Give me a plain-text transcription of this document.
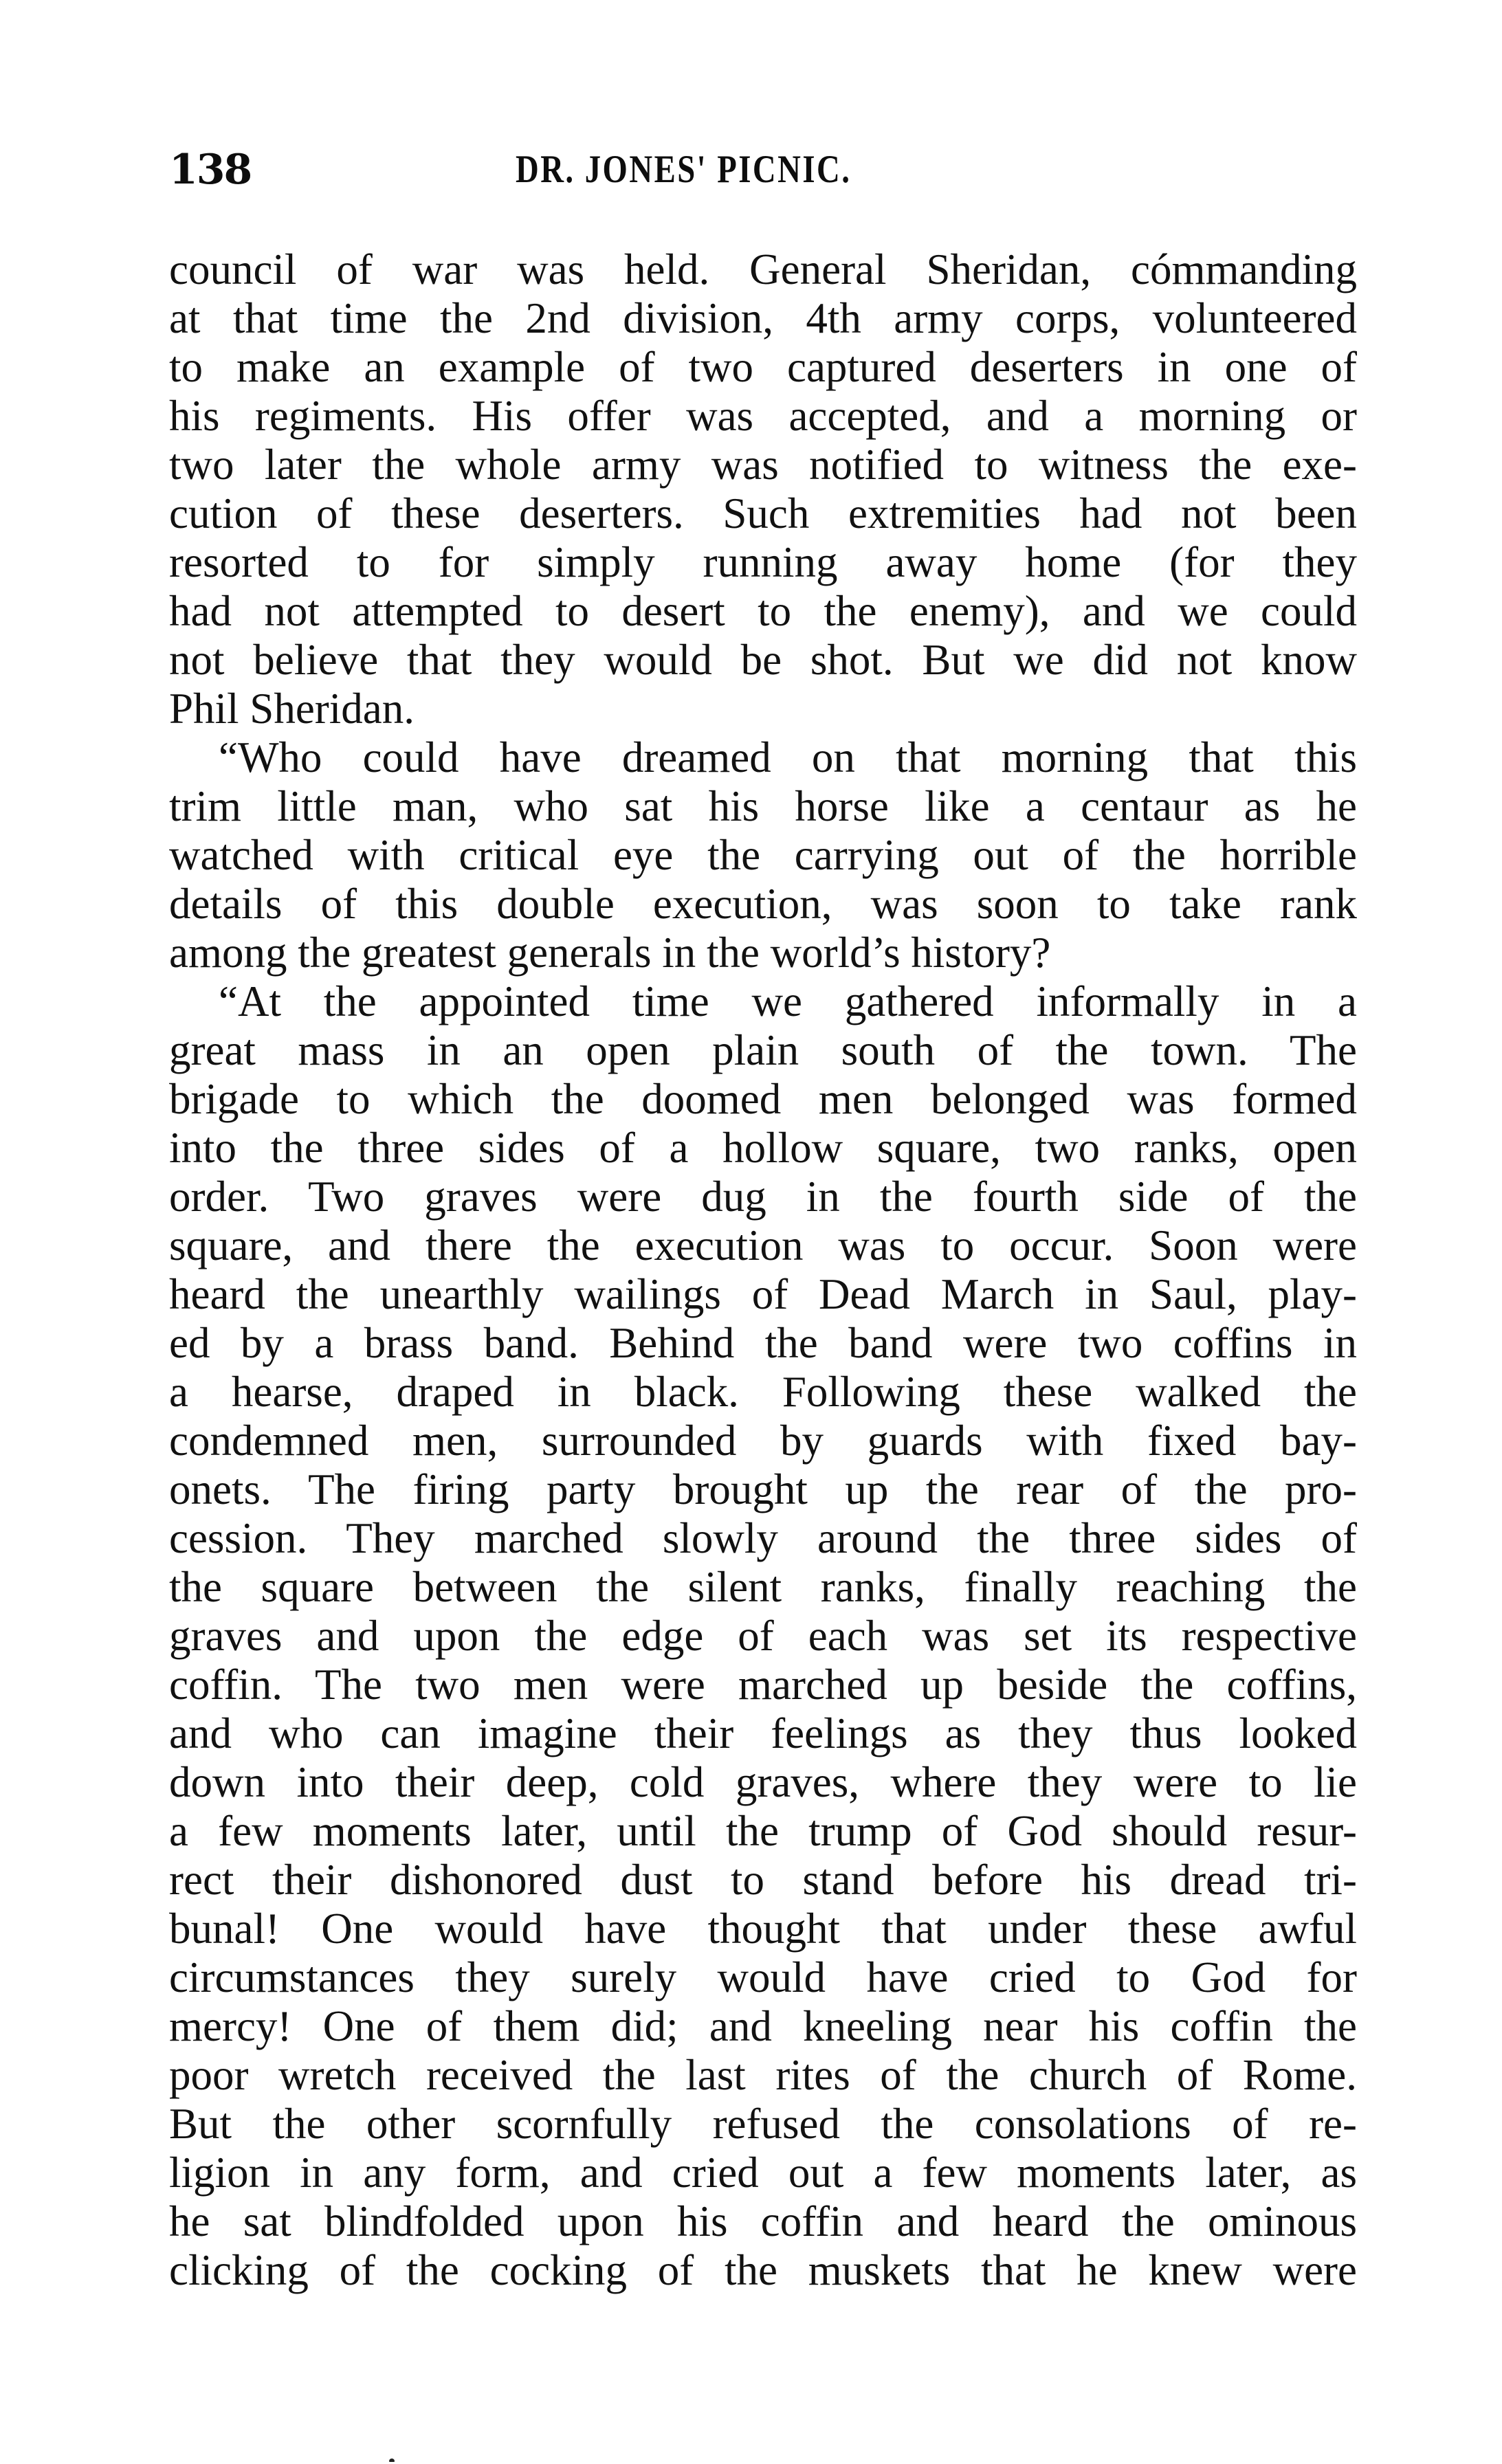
138	DR. JONES' PICNIC.
council of war was held. General Sheridan, cómmanding
at that time the 2nd division, 4th army corps, volunteered
to make an example of two captured deserters in one of
his regiments. His offer was accepted, and a morning or
two later the whole army was notified to witness the exe-
cution of these deserters. Such extremities had not been
resorted to for simply running away home (for they
had not attempted to desert to the enemy), and we could
not believe that they would be shot. But we did not know
Phil Sheridan.
“Who could have dreamed on that morning that this
trim little man, who sat his horse like a centaur as he
watched with critical eye the carrying out of the horrible
details of this double execution, was soon to take rank
among the greatest generals in the world’s history?
“At the appointed time we gathered informally in a
great mass in an open plain south of the town. The
brigade to which the doomed men belonged was formed
into the three sides of a hollow square, two ranks, open
order. Two graves were dug in the fourth side of the
square, and there the execution was to occur. Soon were
heard the unearthly wailings of Dead March in Saul, play-
ed by a brass band. Behind the band were two coffins in
a hearse, draped in black. Following these walked the
condemned men, surrounded by guards with fixed bay-
onets. The firing party brought up the rear of the pro-
cession. They marched slowly around the three sides of
the square between the silent ranks, finally reaching the
graves and upon the edge of each was set its respective
coffin. The two men were marched up beside the coffins,
and who can imagine their feelings as they thus looked
down into their deep, cold graves, where they were to lie
a few moments later, until the trump of God should resur-
rect their dishonored dust to stand before his dread tri-
bunal! One would have thought that under these awful
circumstances they surely would have cried to God for
mercy! One of them did; and kneeling near his coffin the
poor wretch received the last rites of the church of Rome.
But the other scornfully refused the consolations of re-
ligion in any form, and cried out a few moments later, as
he sat blindfolded upon his coffin and heard the ominous
clicking of the cocking of the muskets that he knew were
